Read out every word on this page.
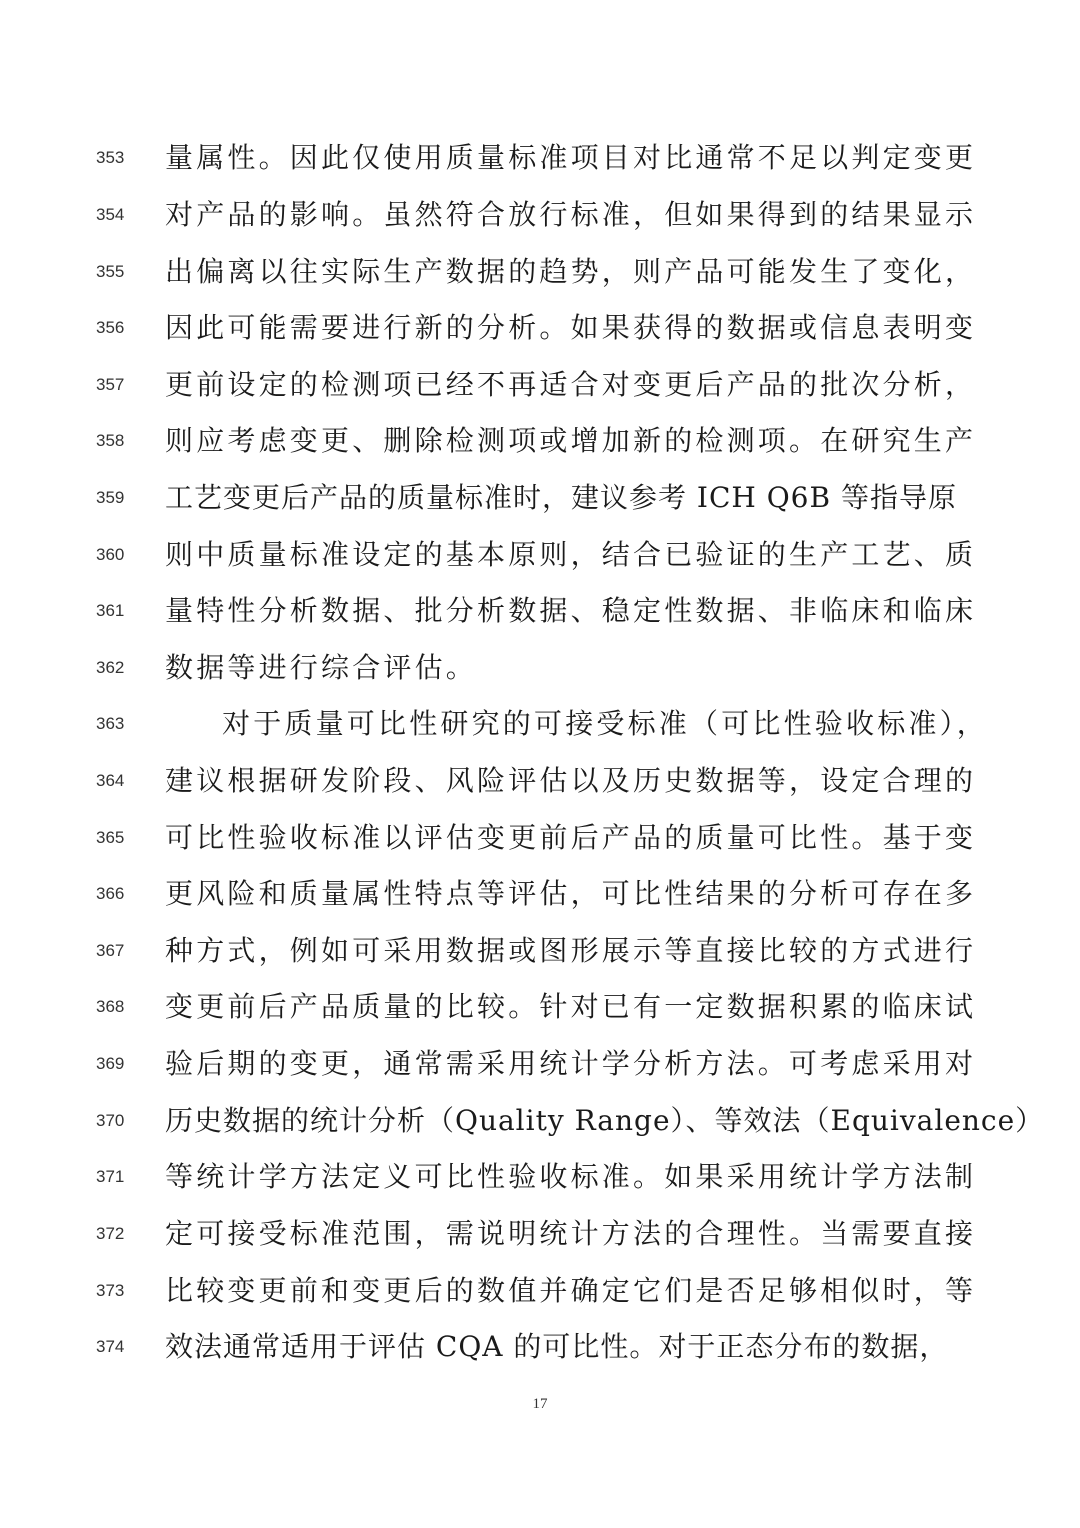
353	量属性。因此仅使用质量标准项目对比通常不足以判定变更
354	对产品的影响。虽然符合放行标准，但如果得到的结果显示
355	出偏离以往实际生产数据的趋势，则产品可能发生了变化，
356	因此可能需要进行新的分析。如果获得的数据或信息表明变
357	更前设定的检测项已经不再适合对变更后产品的批次分析，
358	则应考虑变更、删除检测项或增加新的检测项。在研究生产
359	工艺变更后产品的质量标准时，建议参考 ICH Q6B 等指导原
360	则中质量标准设定的基本原则，结合已验证的生产工艺、质
361	量特性分析数据、批分析数据、稳定性数据、非临床和临床
362	数据等进行综合评估。
363	对于质量可比性研究的可接受标准（可比性验收标准），
364	建议根据研发阶段、风险评估以及历史数据等，设定合理的
365	可比性验收标准以评估变更前后产品的质量可比性。基于变
366	更风险和质量属性特点等评估，可比性结果的分析可存在多
367	种方式，例如可采用数据或图形展示等直接比较的方式进行
368	变更前后产品质量的比较。针对已有一定数据积累的临床试
369	验后期的变更，通常需采用统计学分析方法。可考虑采用对
370	历史数据的统计分析（Quality Range）、等效法（Equivalence）
371	等统计学方法定义可比性验收标准。如果采用统计学方法制
372	定可接受标准范围，需说明统计方法的合理性。当需要直接
373	比较变更前和变更后的数值并确定它们是否足够相似时，等
374	效法通常适用于评估 CQA 的可比性。对于正态分布的数据，
17
